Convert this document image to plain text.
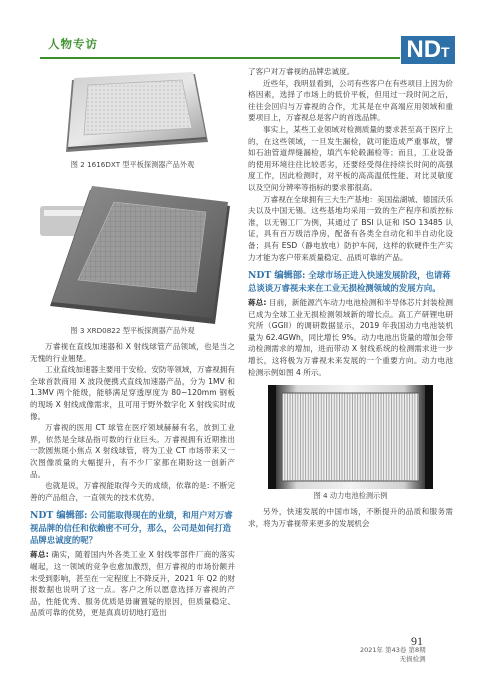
人物专访	NDT
图 2 1616DXT 型平板探测器产品外观
图 3 XRD0822 型平板探测器产品外观

万睿视在直线加速器和 X 射线球管产品领域，也是当之无愧的行业翘楚。

工业直线加速器主要用于安检、安防等领域，万睿视拥有全球首款商用 X 波段便携式直线加速器产品，分为 1MV 和 1.3MV 两个能级，能够满足穿透厚度为 80~120mm 钢板的现场 X 射线成像需求，且可用于野外数字化 X 射线实时成像。

万睿视的医用 CT 球管在医疗领域赫赫有名，放到工业界，依然是全球品指可数的行业巨头。万睿视拥有近期推出一款圆焦斑小焦点 X 射线球管，将为工业 CT 市场带来又一次图像质量的大幅提升，有不少厂家都在期盼这一创新产品。

也就是说，万睿视能取得今天的成绩，依靠的是: 不断完善的产品组合，一直领先的技术优势。

NDT 编辑部: 公司能取得现在的业绩，和用户对万睿视品牌的信任和依赖密不可分，那么，公司是如何打造品牌忠诚度的呢？

蒋总: 确实，随着国内外各类工业 X 射线零部件厂商的落实崛起，这一领域的竞争也愈加激烈，但万睿视的市场份额并未受到影响，甚至在一定程度上不降反升，2021 年 Q2 的财报数据也说明了这一点。客户之所以愿意选择万睿视的产品，性能优秀、服务优质是毋庸置疑的原因，但质量稳定、品质可靠的优势，更是真真切切地打造出

了客户对万睿视的品牌忠诚度。

近些年，我明显看到，公司有些客户在有些项目上因为价格因素，选择了市场上的低价平板，但用过一段时间之后，往往会回归与万睿视的合作，尤其是在中高端应用领域和重要项目上，万睿视总是客户的首选品牌。

事实上，某些工业领域对检测质量的要求甚至高于医疗上的，在这些领域，一旦发生漏检，就可能造成严重事故，譬如石油管道焊缝漏检，填汽车轮毂漏检等；而且，工业设备的使用环境往往比较恶劣，还要经受得住持续长时间的高强度工作，因此检测时，对平板的高高温低性能、对比灵敏度以及空间分辨率等指标的要求都很高。

万睿视在全球拥有三大生产基地：美国盐湖城、德国沃乐夫以及中国无锡。这些基地均采用一致的生产程序和质控标准，以无锡工厂为例，其通过了 BSI 认证和 ISO 13485 认证，具有百万级洁净房，配备有各类全自动化和半自动化设备；具有 ESD（静电放电）防护车间，这样的软硬件生产实力才能为客户带来质量稳定、品质可靠的产品。

NDT 编辑部: 全球市场正进入快速发展阶段，也请蒋总谈谈万睿视未来在工业无损检测领域的发展方向。

蒋总: 目前，新能源汽车动力电池检测和半导体芯片封装检测已成为全球工业无损检测领域新的增长点。高工产研锂电研究所（GGII）的调研数据显示，2019 年我国动力电池装机量为 62.4GWh，同比增长 9%。动力电池出货量的增加会带动检测需求的增加，进而带动 X 射线系统的检测需求进一步增长，这将极为万睿视未来发展的一个重要方向。动力电池检测示例如图 4 所示。

图 4 动力电池检测示例

另外，快速发展的中国市场，不断提升的品质和服务需求，将为万睿视带来更多的发展机会

91
2021年 第43卷 第8期
无损检测
